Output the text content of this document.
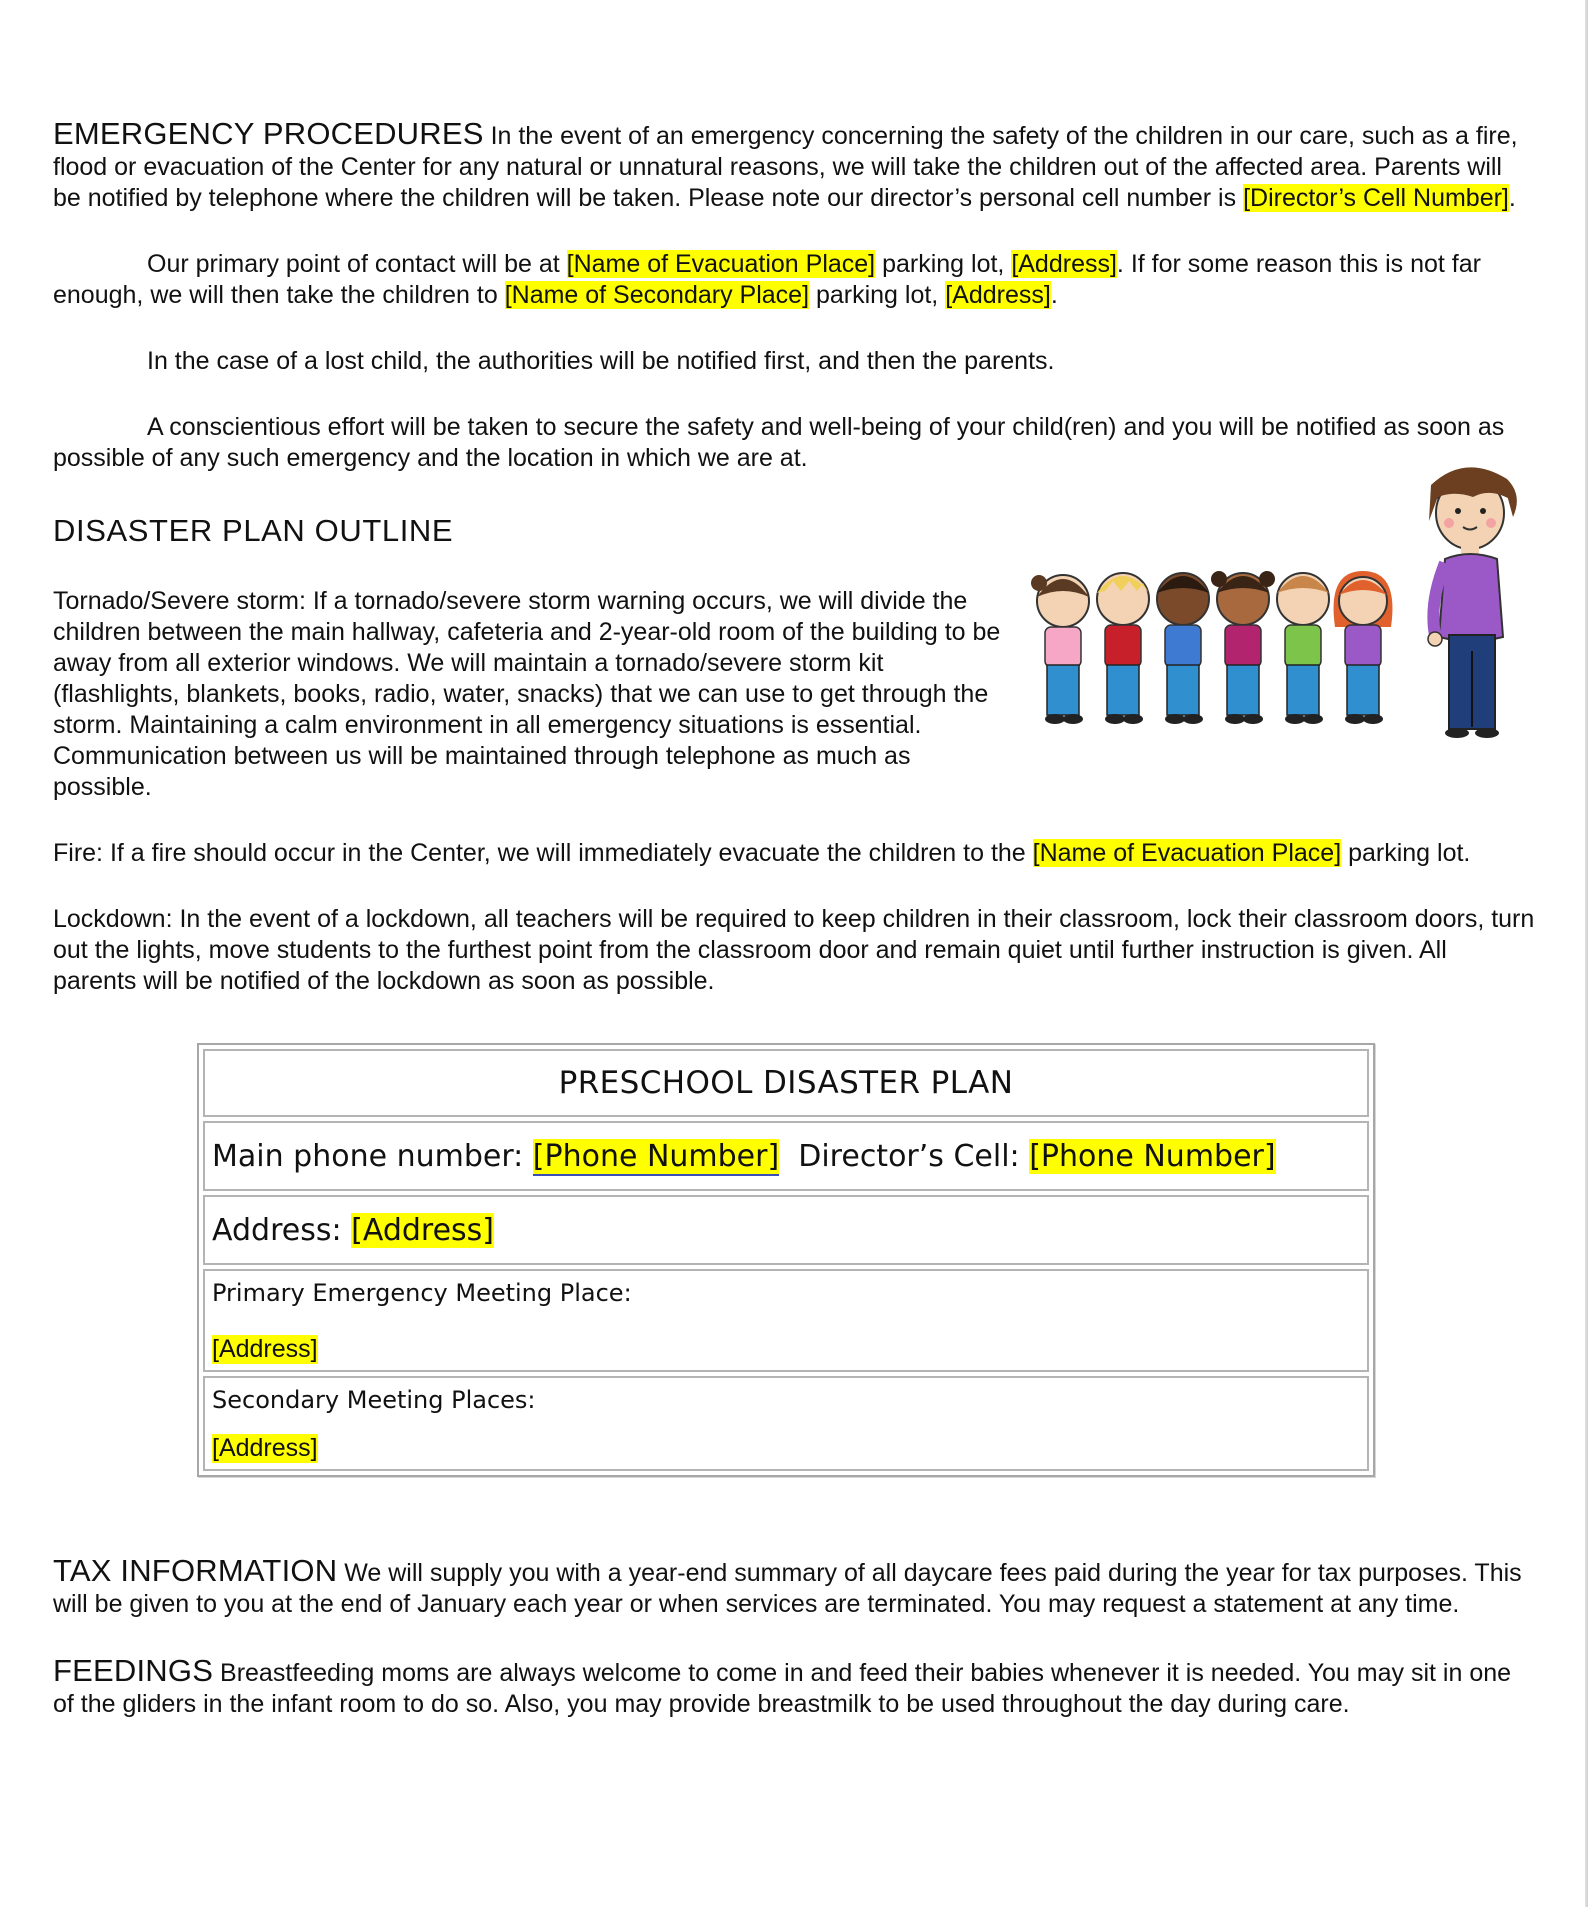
EMERGENCY PROCEDURES In the event of an emergency concerning the safety of the children in our care, such as a fire, flood or evacuation of the Center for any natural or unnatural reasons, we will take the children out of the affected area. Parents will be notified by telephone where the children will be taken. Please note our director’s personal cell number is [Director’s Cell Number].

Our primary point of contact will be at [Name of Evacuation Place] parking lot, [Address]. If for some reason this is not far enough, we will then take the children to [Name of Secondary Place] parking lot, [Address].

In the case of a lost child, the authorities will be notified first, and then the parents.

A conscientious effort will be taken to secure the safety and well-being of your child(ren) and you will be notified as soon as possible of any such emergency and the location in which we are at.

DISASTER PLAN OUTLINE

Tornado/Severe storm: If a tornado/severe storm warning occurs, we will divide the children between the main hallway, cafeteria and 2-year-old room of the building to be away from all exterior windows. We will maintain a tornado/severe storm kit (flashlights, blankets, books, radio, water, snacks) that we can use to get through the storm. Maintaining a calm environment in all emergency situations is essential. Communication between us will be maintained through telephone as much as possible.

Fire: If a fire should occur in the Center, we will immediately evacuate the children to the [Name of Evacuation Place] parking lot.

Lockdown: In the event of a lockdown, all teachers will be required to keep children in their classroom, lock their classroom doors, turn out the lights, move students to the furthest point from the classroom door and remain quiet until further instruction is given. All parents will be notified of the lockdown as soon as possible.

PRESCHOOL DISASTER PLAN
Main phone number: [Phone Number] Director’s Cell: [Phone Number]
Address: [Address]

Primary Emergency Meeting Place:
[Address]

Secondary Meeting Places:
[Address]

TAX INFORMATION We will supply you with a year-end summary of all daycare fees paid during the year for tax purposes. This will be given to you at the end of January each year or when services are terminated. You may request a statement at any time.

FEEDINGS Breastfeeding moms are always welcome to come in and feed their babies whenever it is needed. You may sit in one of the gliders in the infant room to do so. Also, you may provide breastmilk to be used throughout the day during care.
